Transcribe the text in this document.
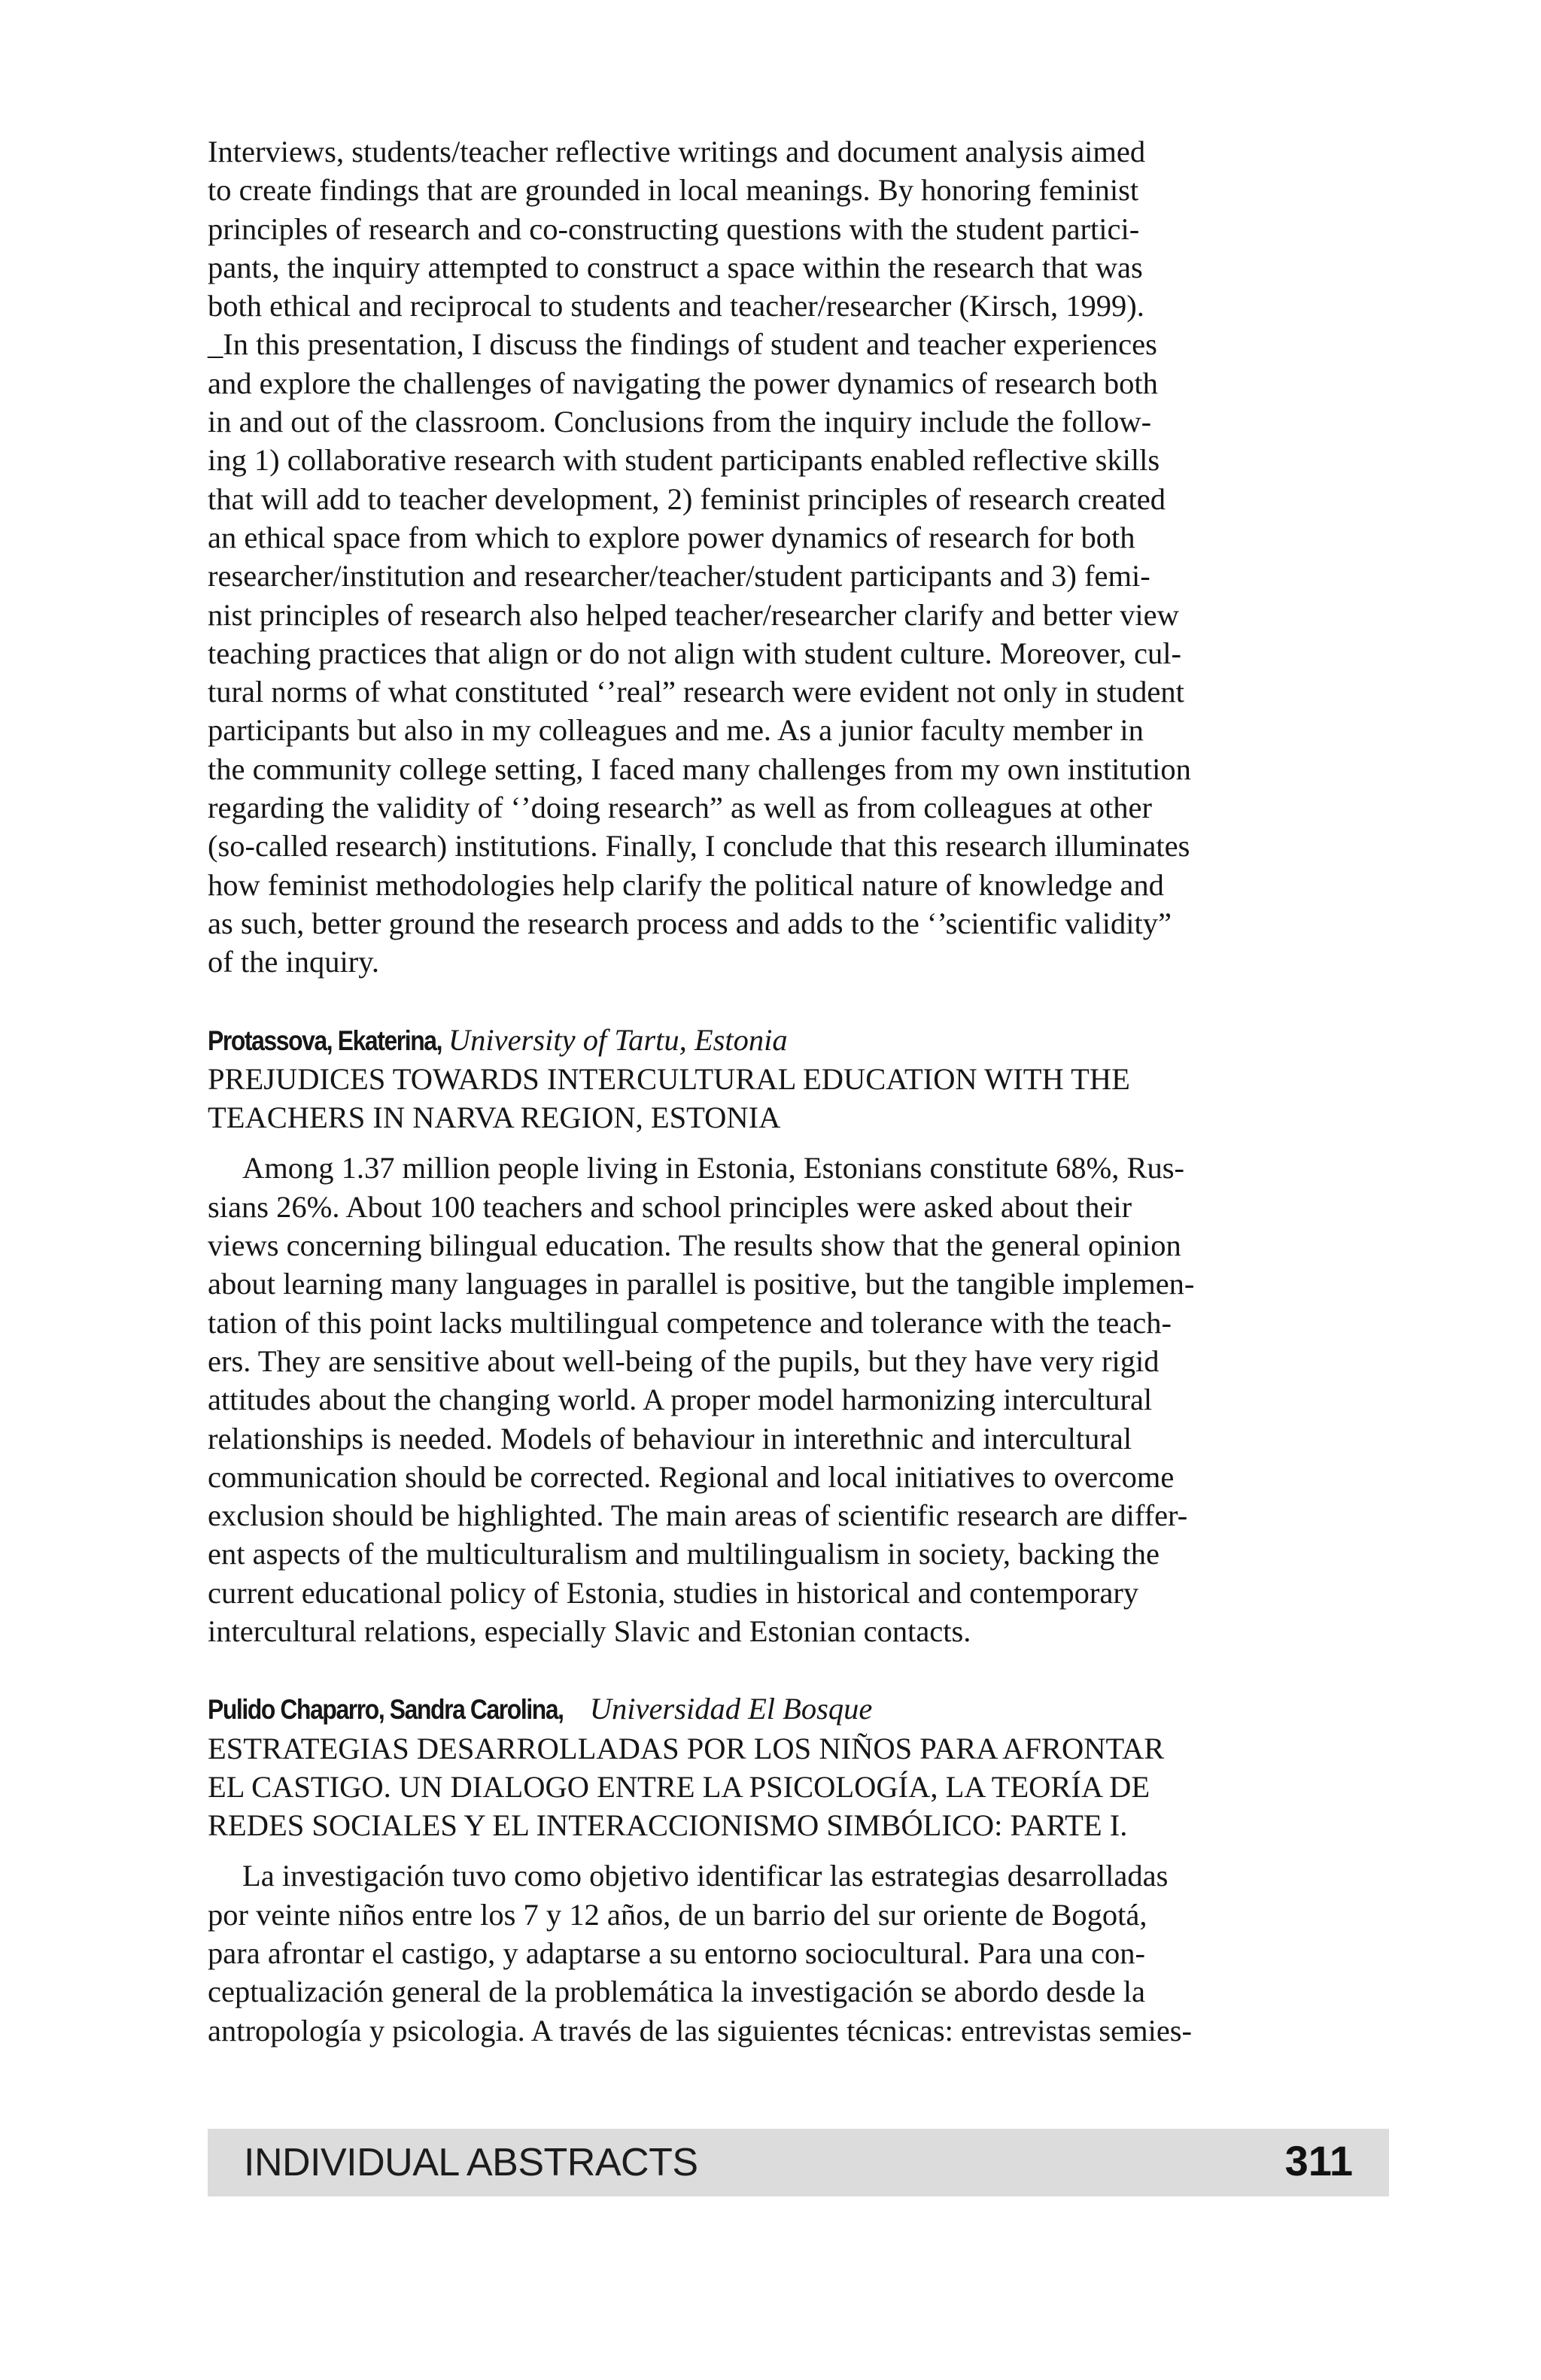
Interviews, students/teacher reflective writings and document analysis aimed
to create findings that are grounded in local meanings. By honoring feminist
principles of research and co-constructing questions with the student partici-
pants, the inquiry attempted to construct a space within the research that was
both ethical and reciprocal to students and teacher/researcher (Kirsch, 1999).
_In this presentation, I discuss the findings of student and teacher experiences
and explore the challenges of navigating the power dynamics of research both
in and out of the classroom. Conclusions from the inquiry include the follow-
ing 1) collaborative research with student participants enabled reflective skills
that will add to teacher development, 2) feminist principles of research created
an ethical space from which to explore power dynamics of research for both
researcher/institution and researcher/teacher/student participants and 3) femi-
nist principles of research also helped teacher/researcher clarify and better view
teaching practices that align or do not align with student culture. Moreover, cul-
tural norms of what constituted ‘’real” research were evident not only in student
participants but also in my colleagues and me. As a junior faculty member in
the community college setting, I faced many challenges from my own institution
regarding the validity of ‘’doing research” as well as from colleagues at other
(so-called research) institutions. Finally, I conclude that this research illuminates
how feminist methodologies help clarify the political nature of knowledge and
as such, better ground the research process and adds to the ‘’scientific validity”
of the inquiry.

Protassova, Ekaterina, University of Tartu, Estonia

PREJUDICES TOWARDS INTERCULTURAL EDUCATION WITH THE
TEACHERS IN NARVA REGION, ESTONIA

Among 1.37 million people living in Estonia, Estonians constitute 68%, Rus-
sians 26%. About 100 teachers and school principles were asked about their
views concerning bilingual education. The results show that the general opinion
about learning many languages in parallel is positive, but the tangible implemen-
tation of this point lacks multilingual competence and tolerance with the teach-
ers. They are sensitive about well-being of the pupils, but they have very rigid
attitudes about the changing world. A proper model harmonizing intercultural
relationships is needed. Models of behaviour in interethnic and intercultural
communication should be corrected. Regional and local initiatives to overcome
exclusion should be highlighted. The main areas of scientific research are differ-
ent aspects of the multiculturalism and multilingualism in society, backing the
current educational policy of Estonia, studies in historical and contemporary
intercultural relations, especially Slavic and Estonian contacts.

Pulido Chaparro, Sandra Carolina, Universidad El Bosque

ESTRATEGIAS DESARROLLADAS POR LOS NIÑOS PARA AFRONTAR
EL CASTIGO. UN DIALOGO ENTRE LA PSICOLOGÍA, LA TEORÍA DE
REDES SOCIALES Y EL INTERACCIONISMO SIMBÓLICO: PARTE I.

La investigación tuvo como objetivo identificar las estrategias desarrolladas
por veinte niños entre los 7 y 12 años, de un barrio del sur oriente de Bogotá,
para afrontar el castigo, y adaptarse a su entorno sociocultural. Para una con-
ceptualización general de la problemática la investigación se abordo desde la
antropología y psicologia. A través de las siguientes técnicas: entrevistas semies-

INDIVIDUAL ABSTRACTS	311
